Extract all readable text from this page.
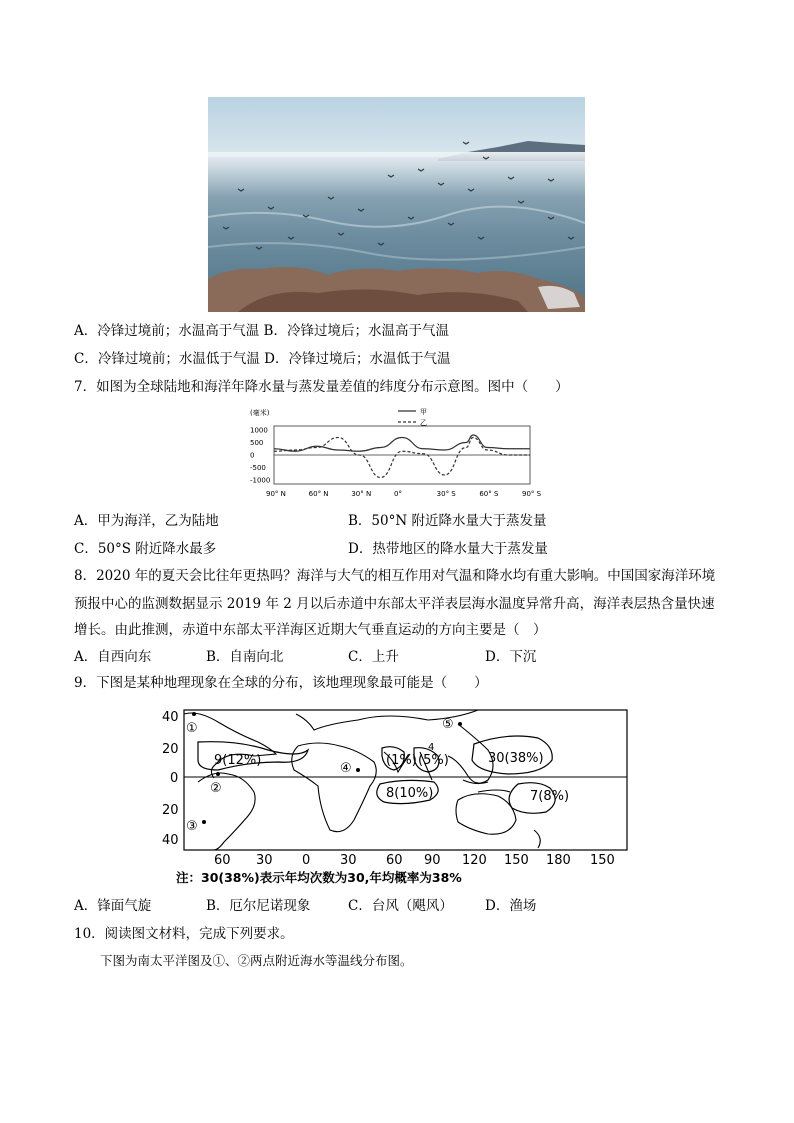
A．冷锋过境前；水温高于气温 B．冷锋过境后；水温高于气温
C．冷锋过境前；水温低于气温 D．冷锋过境后；水温低于气温
7．如图为全球陆地和海洋年降水量与蒸发量差值的纬度分布示意图。图中（　　）
(毫米)	甲
乙
1000
500
0
-500
-1000
90° N	60° N	30° N	0°	30° S	60° S	90° S
A．甲为海洋，乙为陆地	B．50°N 附近降水量大于蒸发量
C．50°S 附近降水最多	D．热带地区的降水量大于蒸发量
8．2020 年的夏天会比往年更热吗？海洋与大气的相互作用对气温和降水均有重大影响。中国国家海洋环境
预报中心的监测数据显示 2019 年 2 月以后赤道中东部太平洋表层海水温度异常升高，海洋表层热含量快速
增长。由此推测，赤道中东部太平洋海区近期大气垂直运动的方向主要是（　）
A．自西向东	B．自南向北	C．上升	D．下沉
9．下图是某种地理现象在全球的分布，该地理现象最可能是（　　）
40
20
0
20
40
60 30 0 30 60 90 120 150 180 150
①
②
③
④
⑤
9(12%)	(1%) (5%)	30(38%)
8(10%)	7(8%)
4
注：30(38%)表示年均次数为30,年均概率为38%
A．锋面气旋	B．厄尔尼诺现象	C．台风（飓风） D．渔场
10．阅读图文材料，完成下列要求。
下图为南太平洋图及①、②两点附近海水等温线分布图。
